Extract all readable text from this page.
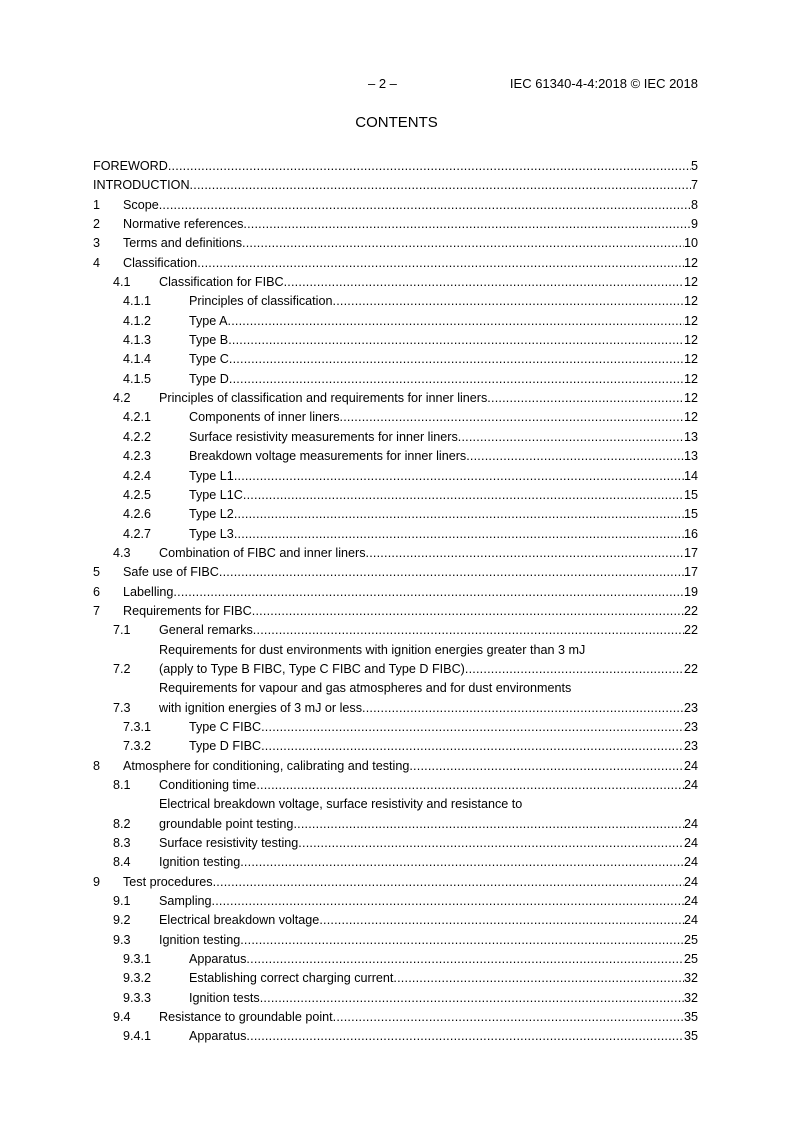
– 2 –	IEC 61340-4-4:2018 © IEC 2018
CONTENTS
FOREWORD .....	5
INTRODUCTION .....	7
1 Scope .....	8
2 Normative references .....	9
3 Terms and definitions .....	10
4 Classification .....	12
4.1 Classification for FIBC .....	12
4.1.1	Principles of classification .....	12
4.1.2	Type A .....	12
4.1.3	Type B .....	12
4.1.4	Type C .....	12
4.1.5	Type D .....	12
4.2 Principles of classification and requirements for inner liners .....	12
4.2.1	Components of inner liners .....	12
4.2.2	Surface resistivity measurements for inner liners .....	13
4.2.3	Breakdown voltage measurements for inner liners .....	13
4.2.4	Type L1 .....	14
4.2.5	Type L1C .....	15
4.2.6	Type L2 .....	15
4.2.7	Type L3 .....	16
4.3 Combination of FIBC and inner liners .....	17
5 Safe use of FIBC .....	17
6 Labelling .....	19
7 Requirements for FIBC .....	22
7.1 General remarks .....	22
7.2
Requirements for dust environments with ignition energies greater than 3 mJ
(apply to Type B FIBC, Type C FIBC and Type D FIBC) .....	22
7.3
Requirements for vapour and gas atmospheres and for dust environments
with ignition energies of 3 mJ or less .....	23
7.3.1	Type C FIBC .....	23
7.3.2	Type D FIBC .....	23
8 Atmosphere for conditioning, calibrating and testing .....	24
8.1 Conditioning time .....	24
8.2
Electrical breakdown voltage, surface resistivity and resistance to
groundable point testing .....	24
8.3 Surface resistivity testing .....	24
8.4 Ignition testing .....	24
9 Test procedures .....	24
9.1 Sampling .....	24
9.2 Electrical breakdown voltage .....	24
9.3 Ignition testing .....	25
9.3.1	Apparatus .....	25
9.3.2	Establishing correct charging current .....	32
9.3.3	Ignition tests .....	32
9.4 Resistance to groundable point .....	35
9.4.1	Apparatus .....	35
